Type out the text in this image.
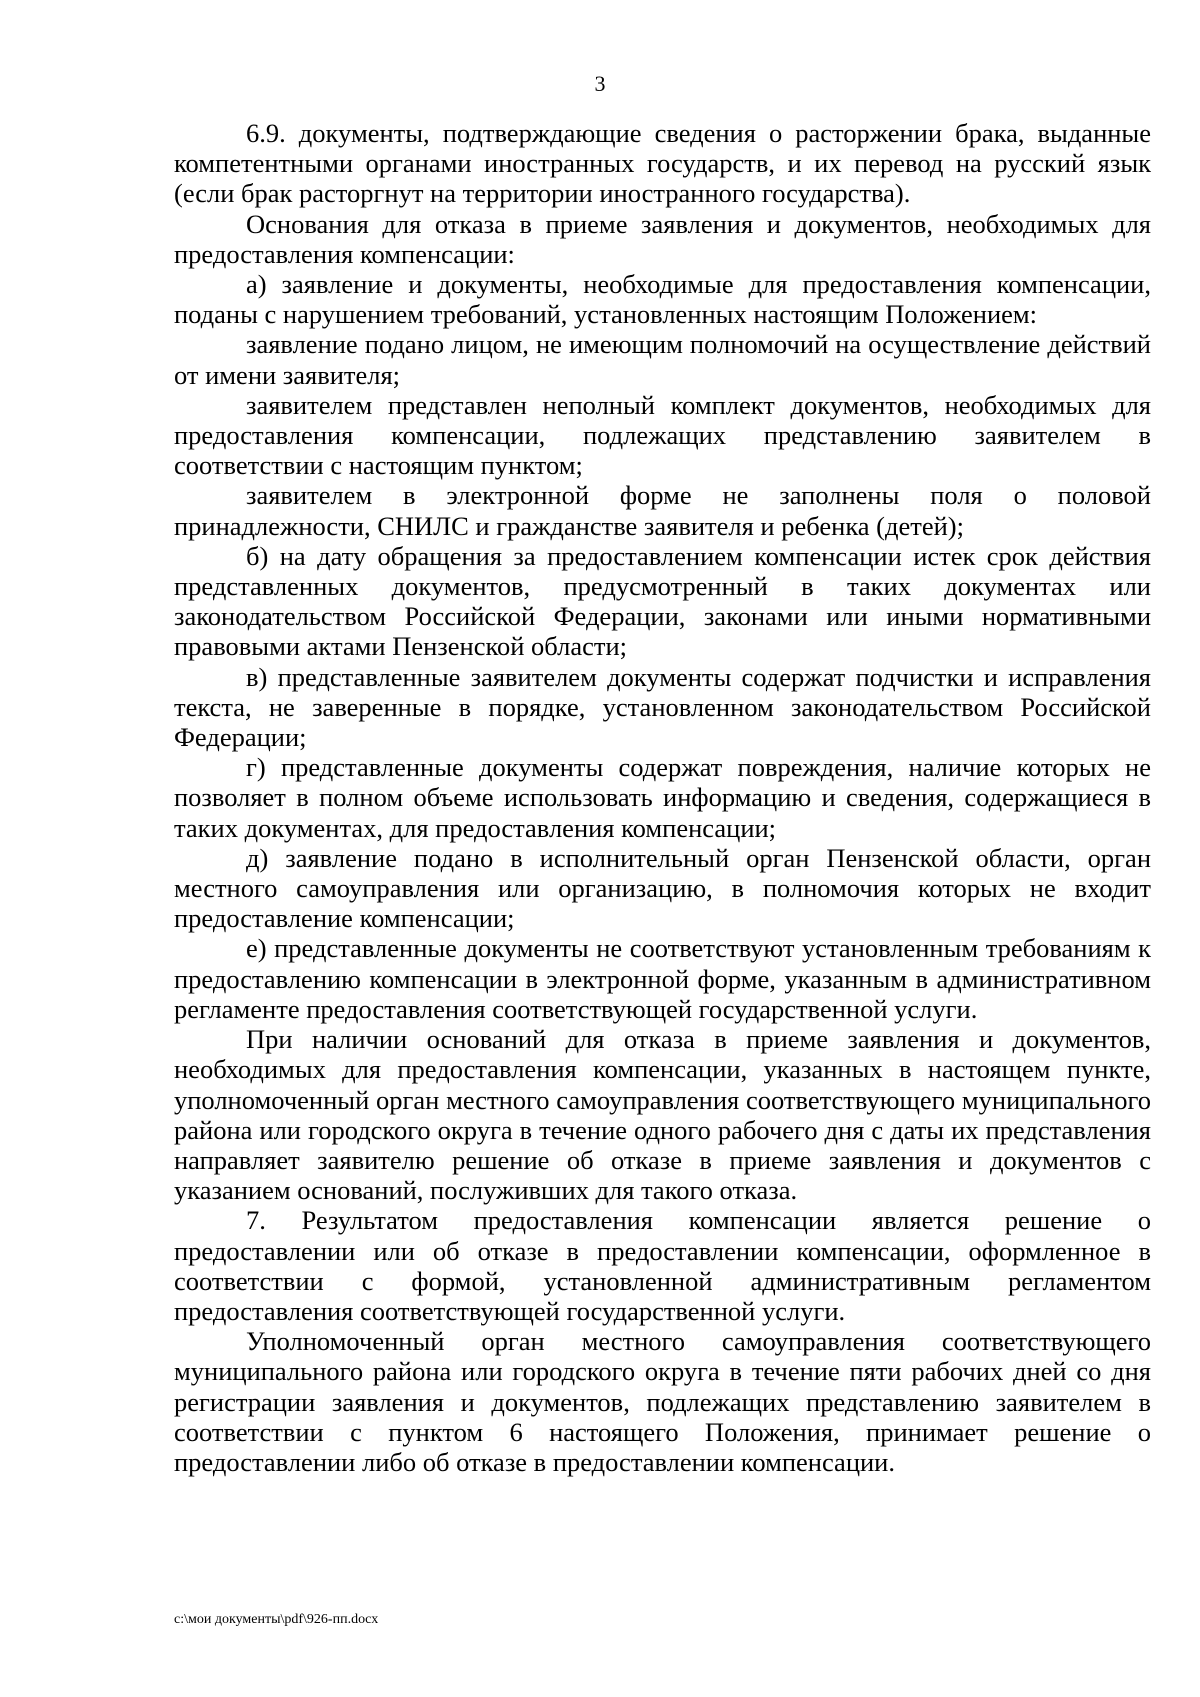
3

6.9. документы, подтверждающие сведения о расторжении брака, выданные компетентными органами иностранных государств, и их перевод на русский язык (если брак расторгнут на территории иностранного государства).

Основания для отказа в приеме заявления и документов, необходимых для предоставления компенсации:

а) заявление и документы, необходимые для предоставления компенсации, поданы с нарушением требований, установленных настоящим Положением:

заявление подано лицом, не имеющим полномочий на осуществление действий от имени заявителя;

заявителем представлен неполный комплект документов, необходимых для предоставления компенсации, подлежащих представлению заявителем в соответствии с настоящим пунктом;

заявителем в электронной форме не заполнены поля о половой принадлежности, СНИЛС и гражданстве заявителя и ребенка (детей);

б) на дату обращения за предоставлением компенсации истек срок действия представленных документов, предусмотренный в таких документах или законодательством Российской Федерации, законами или иными нормативными правовыми актами Пензенской области;

в) представленные заявителем документы содержат подчистки и исправления текста, не заверенные в порядке, установленном законодательством Российской Федерации;

г) представленные документы содержат повреждения, наличие которых не позволяет в полном объеме использовать информацию и сведения, содержащиеся в таких документах, для предоставления компенсации;

д) заявление подано в исполнительный орган Пензенской области, орган местного самоуправления или организацию, в полномочия которых не входит предоставление компенсации;

е) представленные документы не соответствуют установленным требованиям к предоставлению компенсации в электронной форме, указанным в административном регламенте предоставления соответствующей государственной услуги.

При наличии оснований для отказа в приеме заявления и документов, необходимых для предоставления компенсации, указанных в настоящем пункте, уполномоченный орган местного самоуправления соответствующего муниципального района или городского округа в течение одного рабочего дня с даты их представления направляет заявителю решение об отказе в приеме заявления и документов с указанием оснований, послуживших для такого отказа.

7. Результатом предоставления компенсации является решение о предоставлении или об отказе в предоставлении компенсации, оформленное в соответствии с формой, установленной административным регламентом предоставления соответствующей государственной услуги.

Уполномоченный орган местного самоуправления соответствующего муниципального района или городского округа в течение пяти рабочих дней со дня регистрации заявления и документов, подлежащих представлению заявителем в соответствии с пунктом 6 настоящего Положения, принимает решение о предоставлении либо об отказе в предоставлении компенсации.

c:\мои документы\pdf\926-пп.docx
